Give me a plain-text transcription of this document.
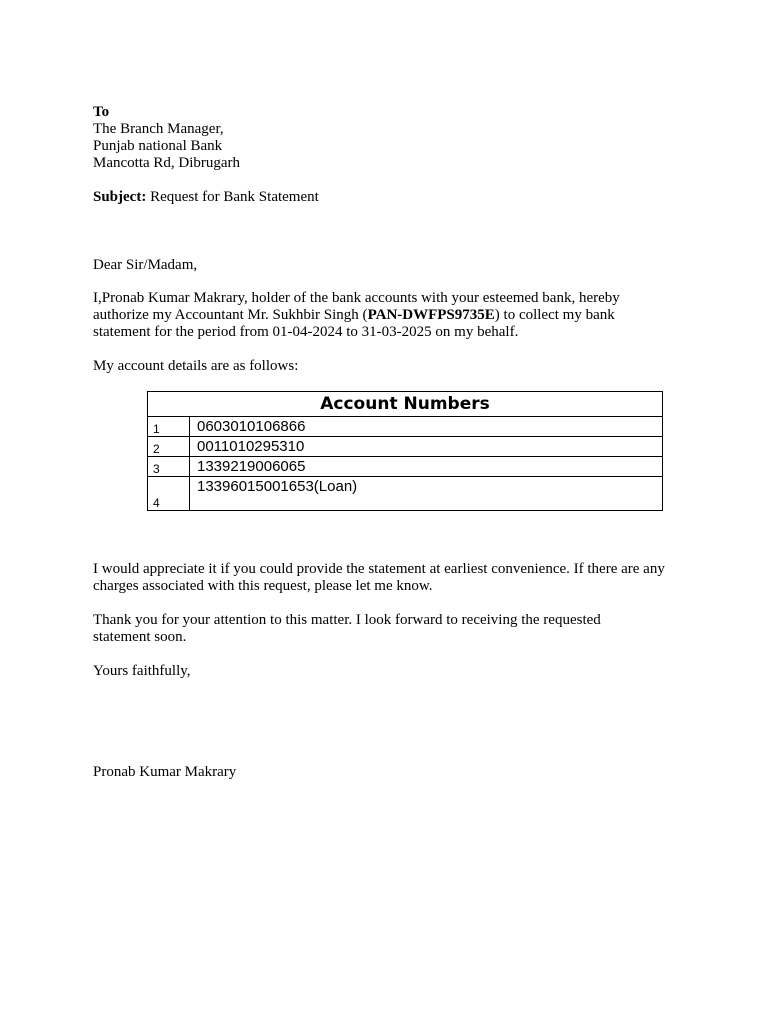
To
The Branch Manager,
Punjab national Bank
Mancotta Rd, Dibrugarh
Subject: Request for Bank Statement
Dear Sir/Madam,
I,Pronab Kumar Makrary, holder of the bank accounts with your esteemed bank, hereby authorize my Accountant Mr. Sukhbir Singh (PAN-DWFPS9735E) to collect my bank statement for the period from 01-04-2024 to 31-03-2025 on my behalf.
My account details are as follows:
Account Numbers	
1	0603010106866
2	0011010295310
3	1339219006065
4	13396015001653(Loan)
I would appreciate it if you could provide the statement at earliest convenience. If there are any charges associated with this request, please let me know.
Thank you for your attention to this matter. I look forward to receiving the requested statement soon.
Yours faithfully,
Pronab Kumar Makrary
